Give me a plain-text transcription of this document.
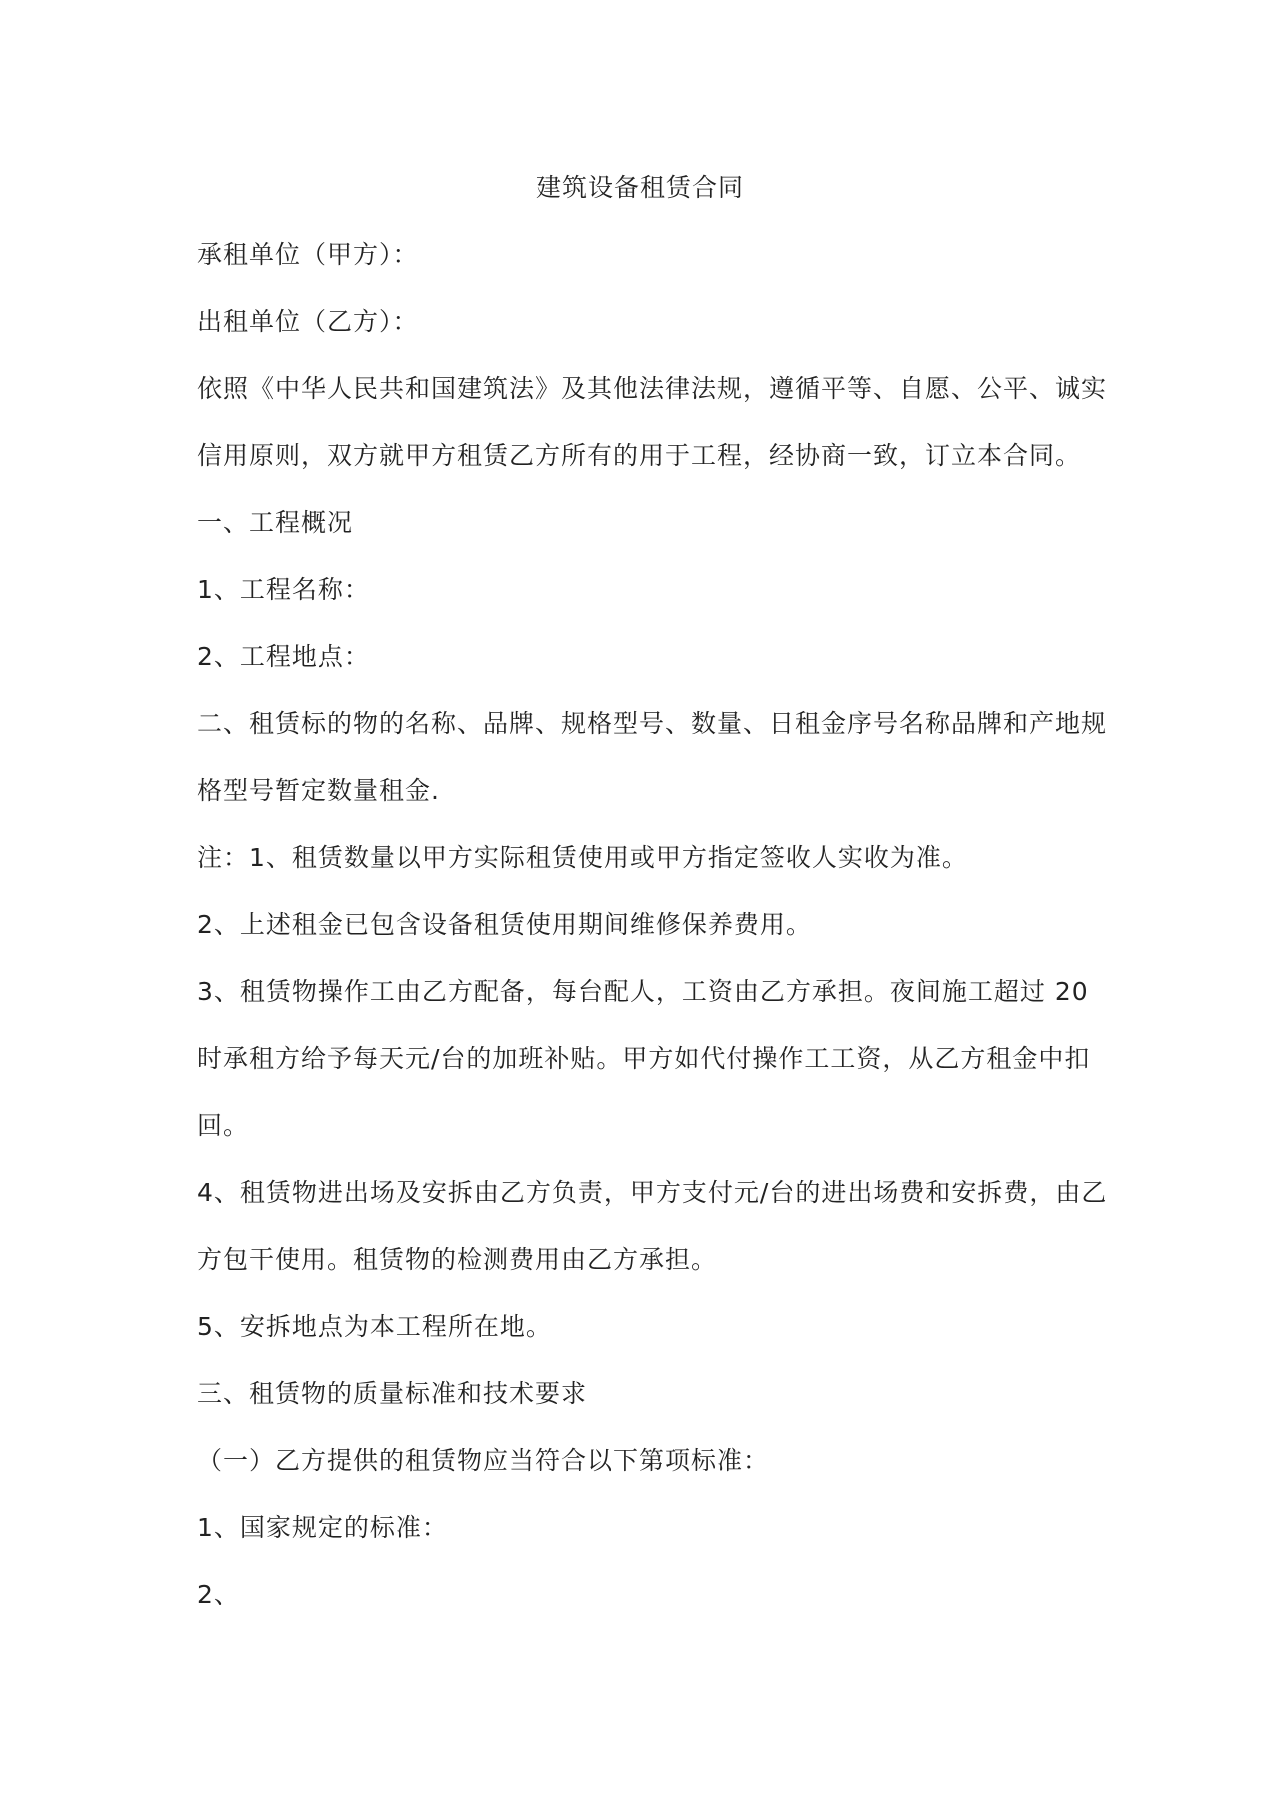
建筑设备租赁合同
承租单位（甲方）：
出租单位（乙方）：
依照《中华人民共和国建筑法》及其他法律法规，遵循平等、自愿、公平、诚实
信用原则，双方就甲方租赁乙方所有的用于工程，经协商一致，订立本合同。
一、工程概况
1、工程名称：
2、工程地点：
二、租赁标的物的名称、品牌、规格型号、数量、日租金序号名称品牌和产地规
格型号暂定数量租金.
注：1、租赁数量以甲方实际租赁使用或甲方指定签收人实收为准。
2、上述租金已包含设备租赁使用期间维修保养费用。
3、租赁物操作工由乙方配备，每台配人，工资由乙方承担。夜间施工超过 20
时承租方给予每天元/台的加班补贴。甲方如代付操作工工资，从乙方租金中扣
回。
4、租赁物进出场及安拆由乙方负责，甲方支付元/台的进出场费和安拆费，由乙
方包干使用。租赁物的检测费用由乙方承担。
5、安拆地点为本工程所在地。
三、租赁物的质量标准和技术要求
（一）乙方提供的租赁物应当符合以下第项标准：
1、国家规定的标准：
2、
